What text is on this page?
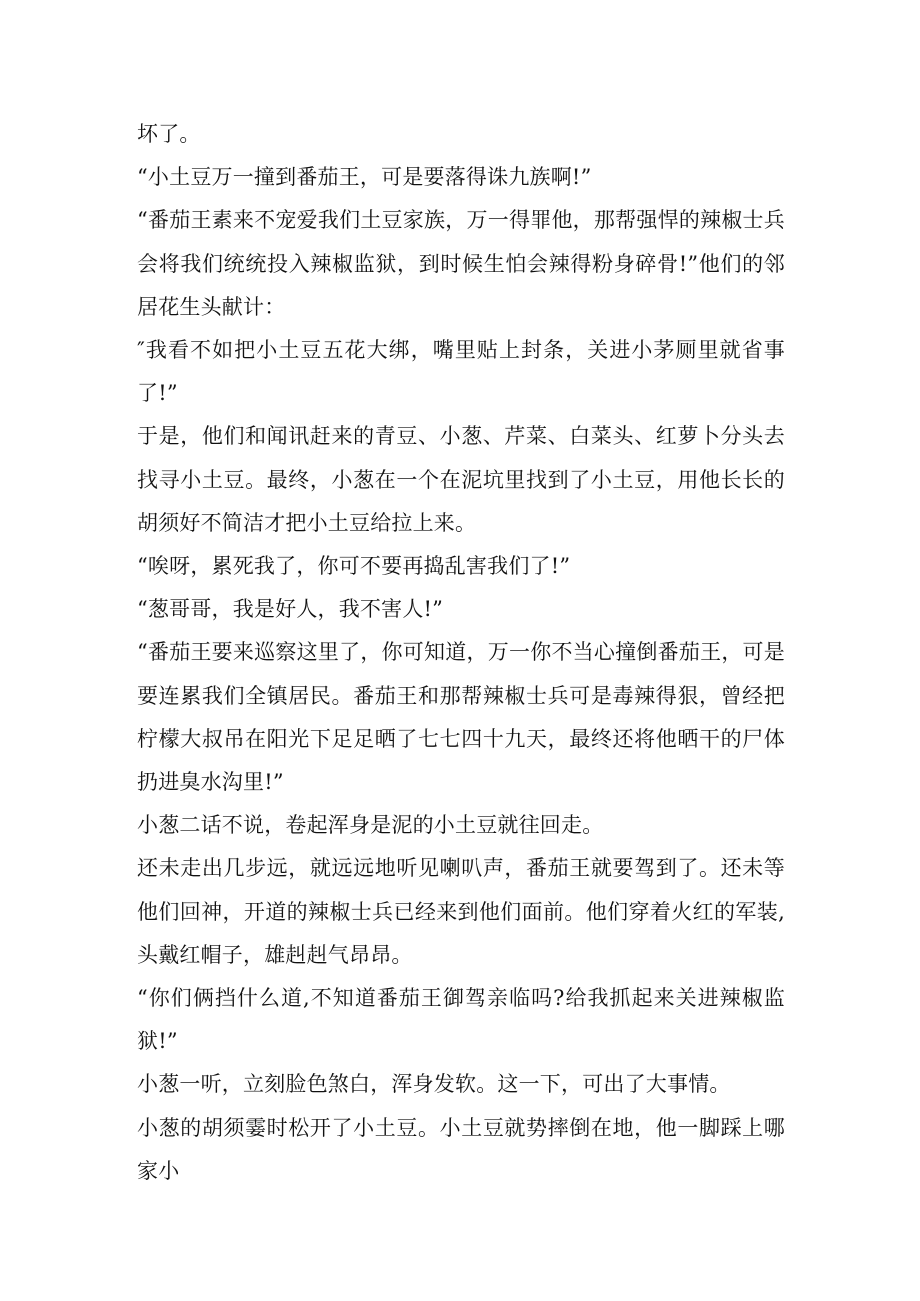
坏了。

“小土豆万一撞到番茄王，可是要落得诛九族啊!”

“番茄王素来不宠爱我们土豆家族，万一得罪他，那帮强悍的辣椒士兵会将我们统统投入辣椒监狱，到时候生怕会辣得粉身碎骨!”他们的邻居花生头献计：

″我看不如把小土豆五花大绑，嘴里贴上封条，关进小茅厕里就省事了!”

于是，他们和闻讯赶来的青豆、小葱、芹菜、白菜头、红萝卜分头去找寻小土豆。最终，小葱在一个在泥坑里找到了小土豆，用他长长的胡须好不简洁才把小土豆给拉上来。

“唉呀，累死我了，你可不要再捣乱害我们了!”

“葱哥哥，我是好人，我不害人!”

“番茄王要来巡察这里了，你可知道，万一你不当心撞倒番茄王，可是要连累我们全镇居民。番茄王和那帮辣椒士兵可是毒辣得狠，曾经把柠檬大叔吊在阳光下足足晒了七七四十九天，最终还将他晒干的尸体扔进臭水沟里!”

小葱二话不说，卷起浑身是泥的小土豆就往回走。

还未走出几步远，就远远地听见喇叭声，番茄王就要驾到了。还未等他们回神，开道的辣椒士兵已经来到他们面前。他们穿着火红的军装,头戴红帽子，雄赳赳气昂昂。

“你们俩挡什么道,不知道番茄王御驾亲临吗?给我抓起来关进辣椒监狱!”

小葱一听，立刻脸色煞白，浑身发软。这一下，可出了大事情。

小葱的胡须霎时松开了小土豆。小土豆就势摔倒在地，他一脚踩上哪家小
